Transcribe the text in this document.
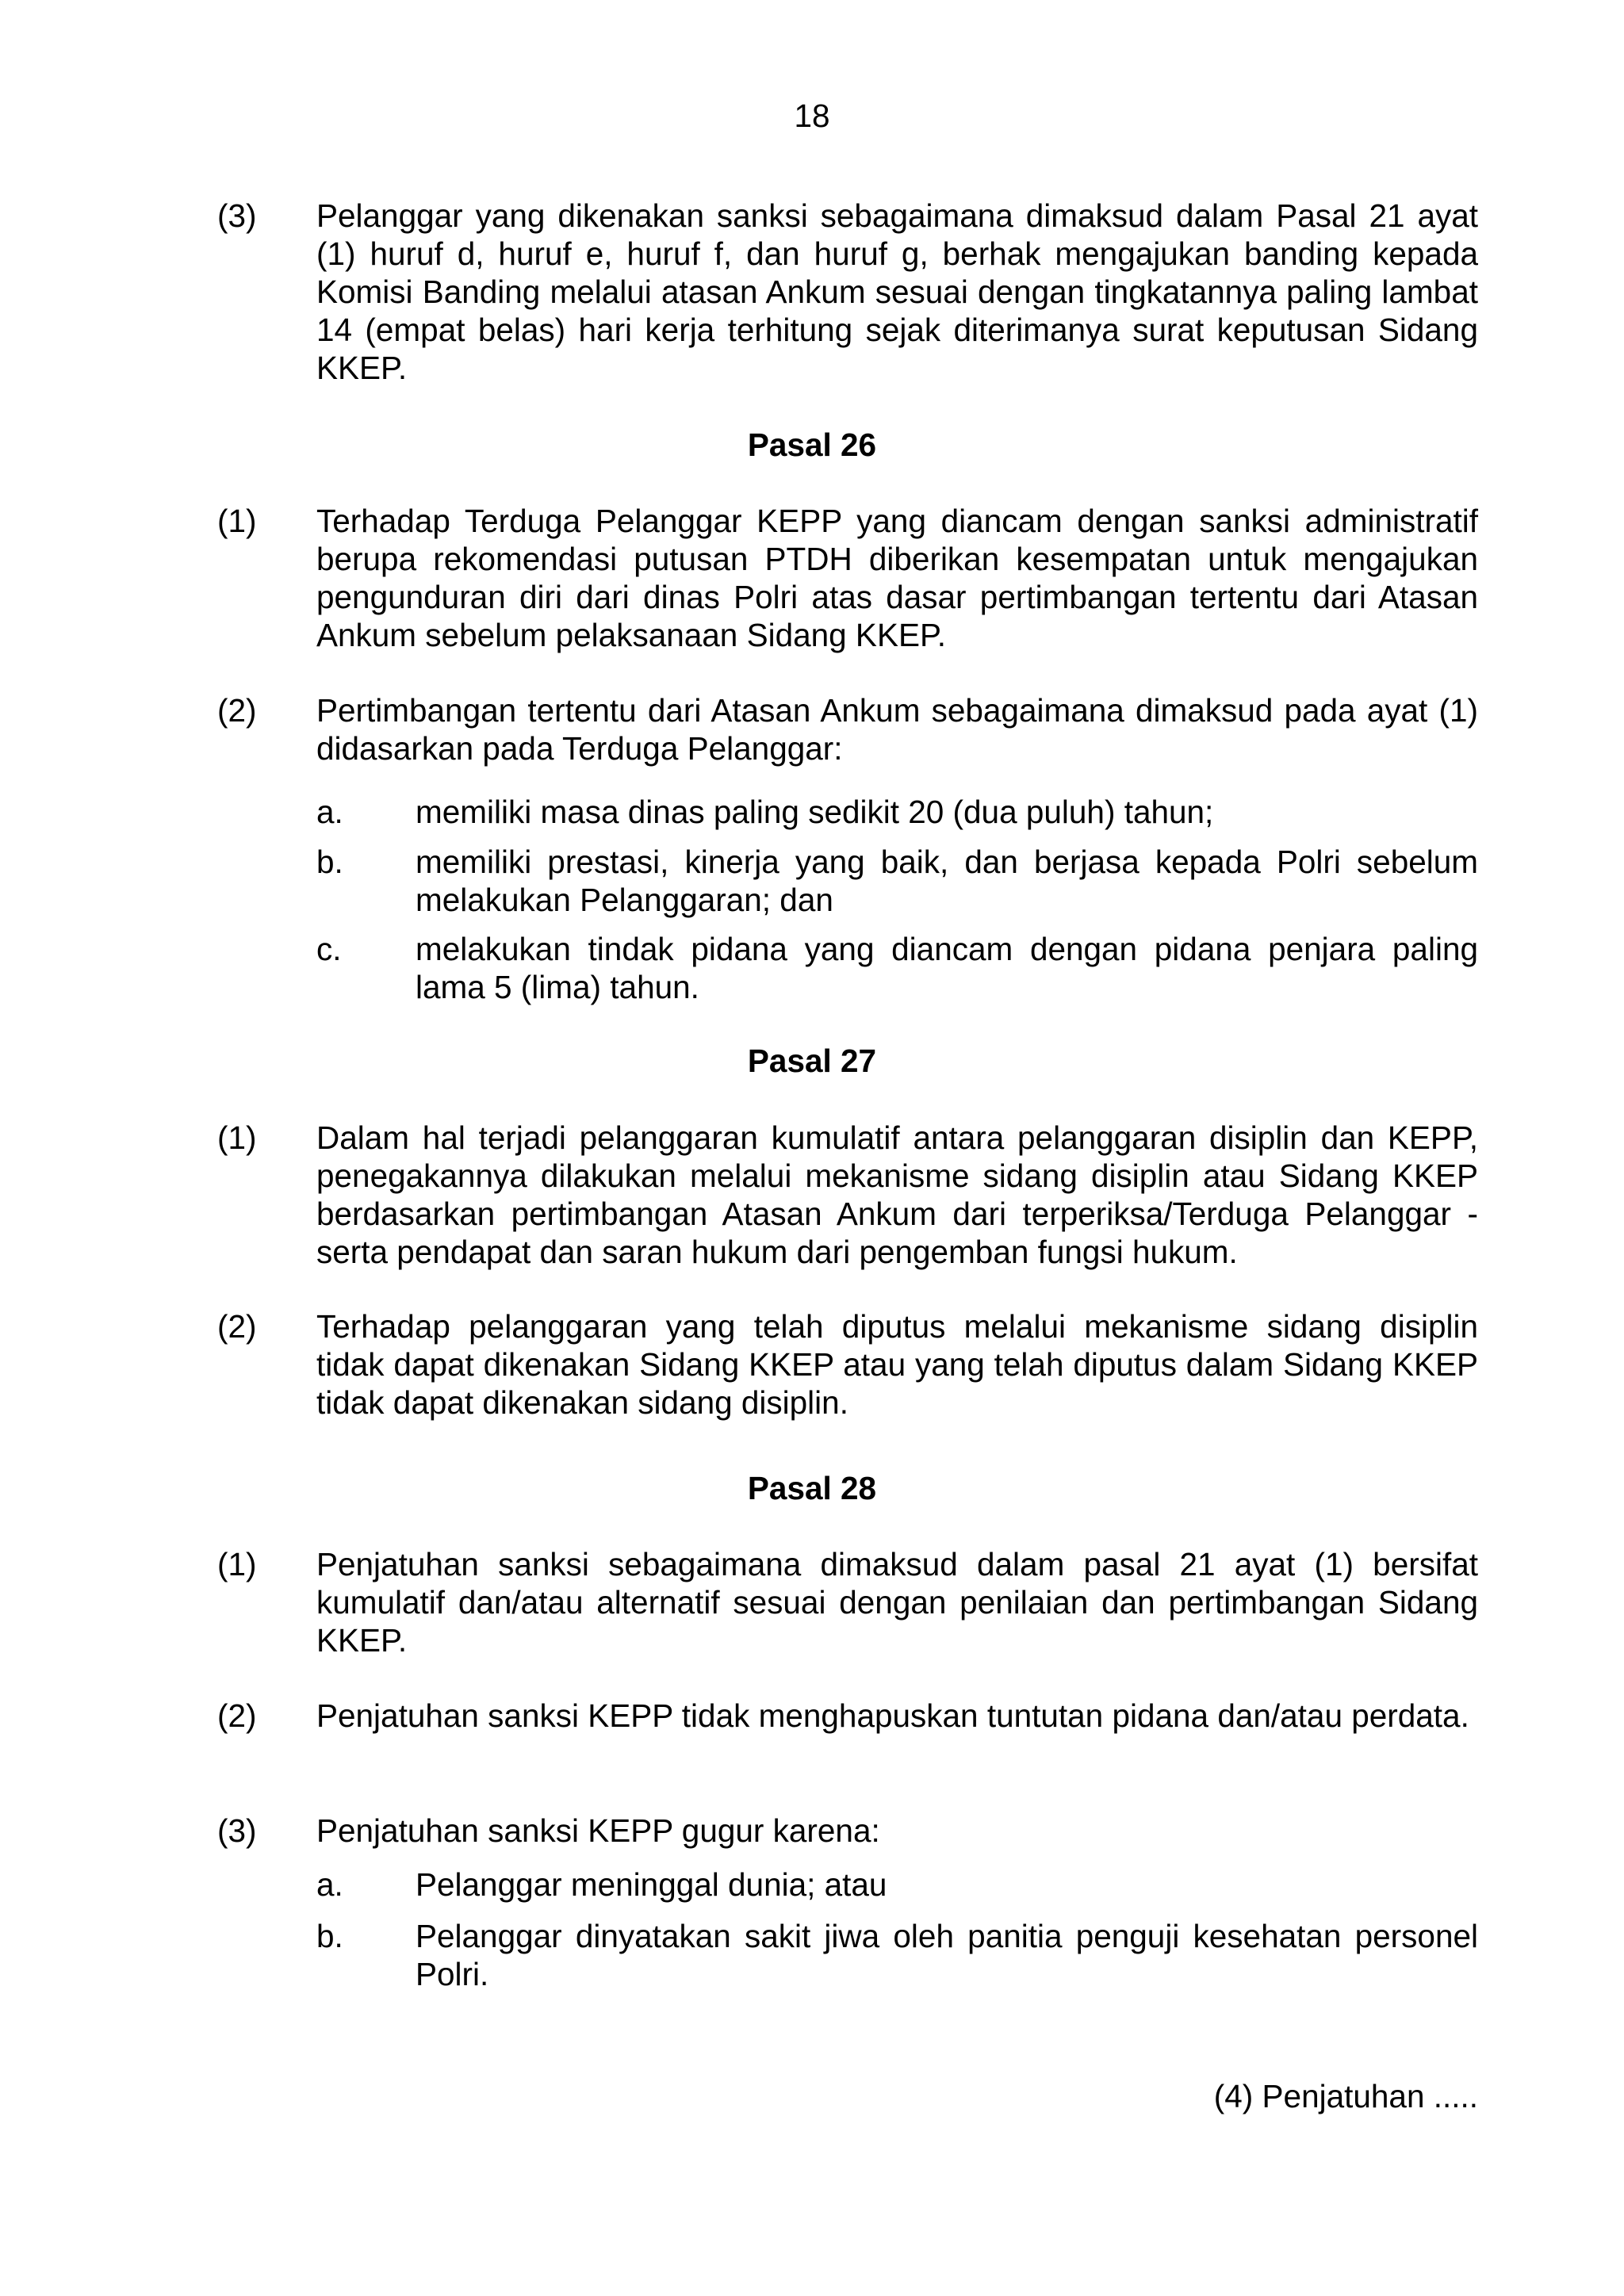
18
(3) Pelanggar yang dikenakan sanksi sebagaimana dimaksud dalam Pasal 21 ayat (1) huruf d, huruf e, huruf f, dan huruf g, berhak mengajukan banding kepada Komisi Banding melalui atasan Ankum sesuai dengan tingkatannya paling lambat 14 (empat belas) hari kerja terhitung sejak diterimanya surat keputusan Sidang KKEP.
Pasal 26
(1) Terhadap Terduga Pelanggar KEPP yang diancam dengan sanksi administratif berupa rekomendasi putusan PTDH diberikan kesempatan untuk mengajukan pengunduran diri dari dinas Polri atas dasar pertimbangan tertentu dari Atasan Ankum sebelum pelaksanaan Sidang KKEP.
(2) Pertimbangan tertentu dari Atasan Ankum sebagaimana dimaksud pada ayat (1) didasarkan pada Terduga Pelanggar:
a. memiliki masa dinas paling sedikit 20 (dua puluh) tahun;
b. memiliki prestasi, kinerja yang baik, dan berjasa kepada Polri sebelum melakukan Pelanggaran; dan
c. melakukan tindak pidana yang diancam dengan pidana penjara paling lama 5 (lima) tahun.
Pasal 27
(1) Dalam hal terjadi pelanggaran kumulatif antara pelanggaran disiplin dan KEPP, penegakannya dilakukan melalui mekanisme sidang disiplin atau Sidang KKEP berdasarkan pertimbangan Atasan Ankum dari terperiksa/Terduga Pelanggar - serta pendapat dan saran hukum dari pengemban fungsi hukum.
(2) Terhadap pelanggaran yang telah diputus melalui mekanisme sidang disiplin tidak dapat dikenakan Sidang KKEP atau yang telah diputus dalam Sidang KKEP tidak dapat dikenakan sidang disiplin.
Pasal 28
(1) Penjatuhan sanksi sebagaimana dimaksud dalam pasal 21 ayat (1) bersifat kumulatif dan/atau alternatif sesuai dengan penilaian dan pertimbangan Sidang KKEP.
(2) Penjatuhan sanksi KEPP tidak menghapuskan tuntutan pidana dan/atau perdata.
(3) Penjatuhan sanksi KEPP gugur karena:
a. Pelanggar meninggal dunia; atau
b. Pelanggar dinyatakan sakit jiwa oleh panitia penguji kesehatan personel Polri.
(4) Penjatuhan .....
